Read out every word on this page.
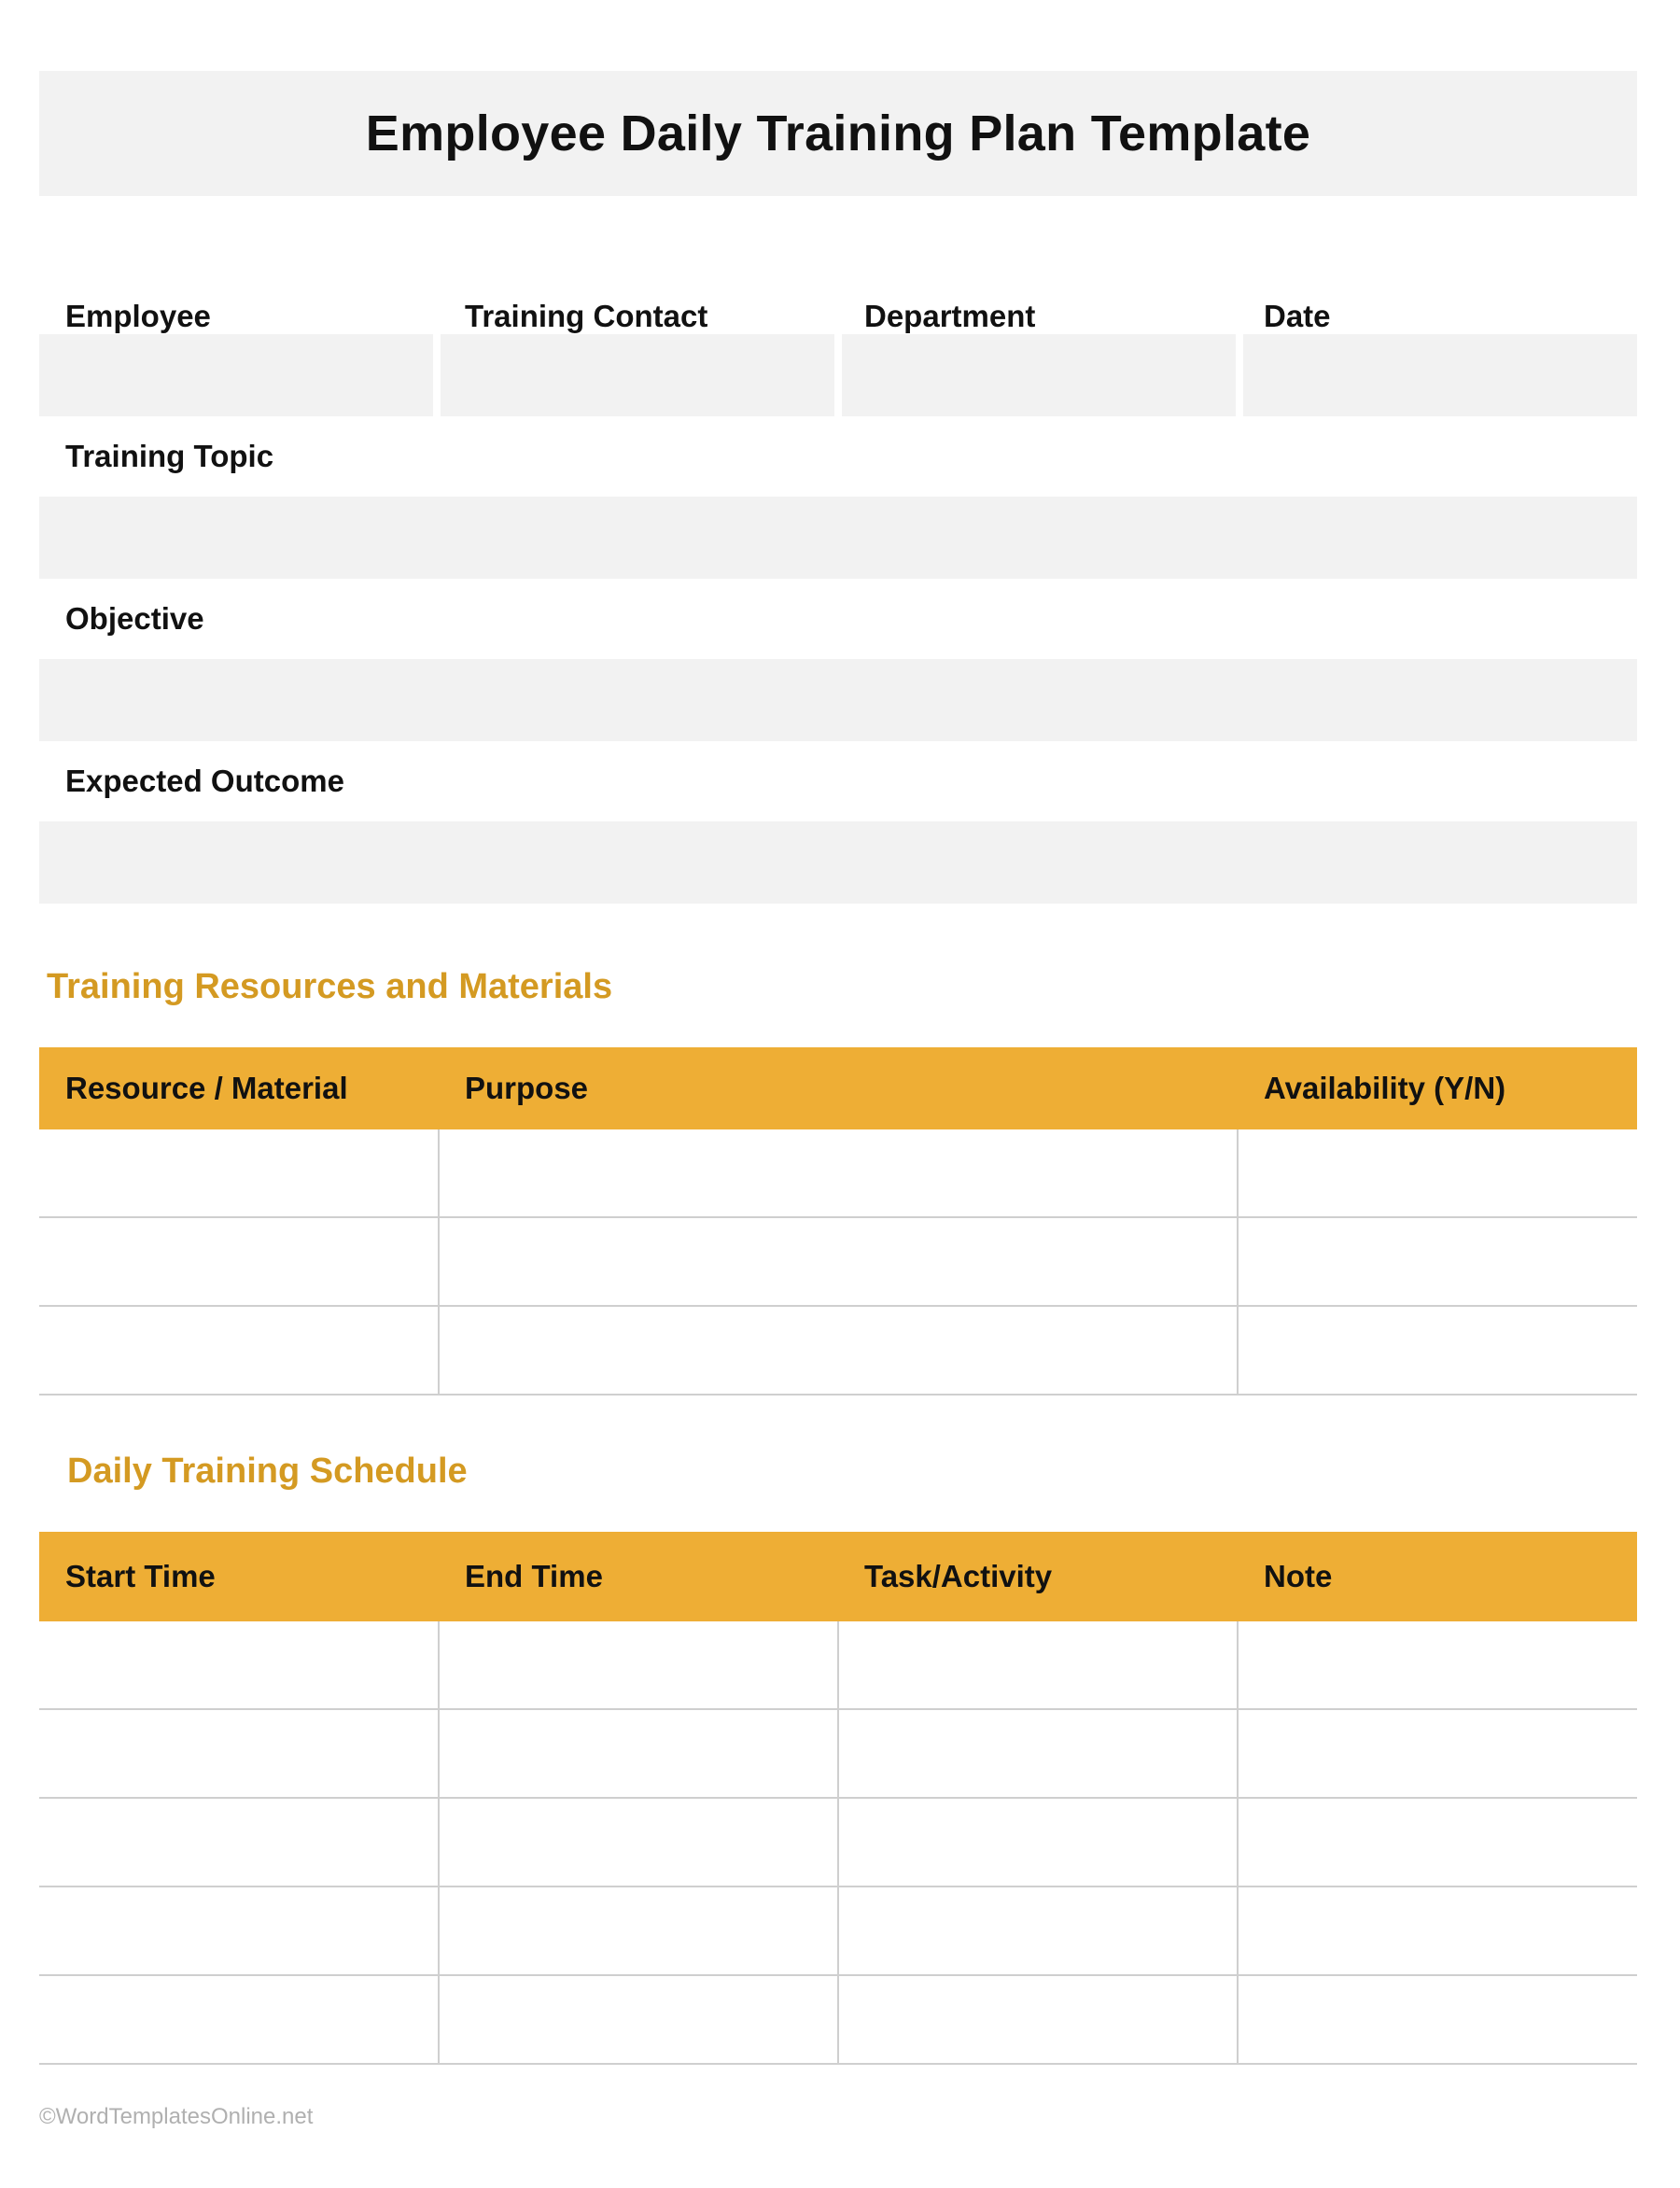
Employee Daily Training Plan Template
Employee	Training Contact	Department	Date
Training Topic
Objective
Expected Outcome
Training Resources and Materials
Resource / Material	Purpose	Availability (Y/N)

Daily Training Schedule
Start Time	End Time	Task/Activity	Note

©WordTemplatesOnline.net
